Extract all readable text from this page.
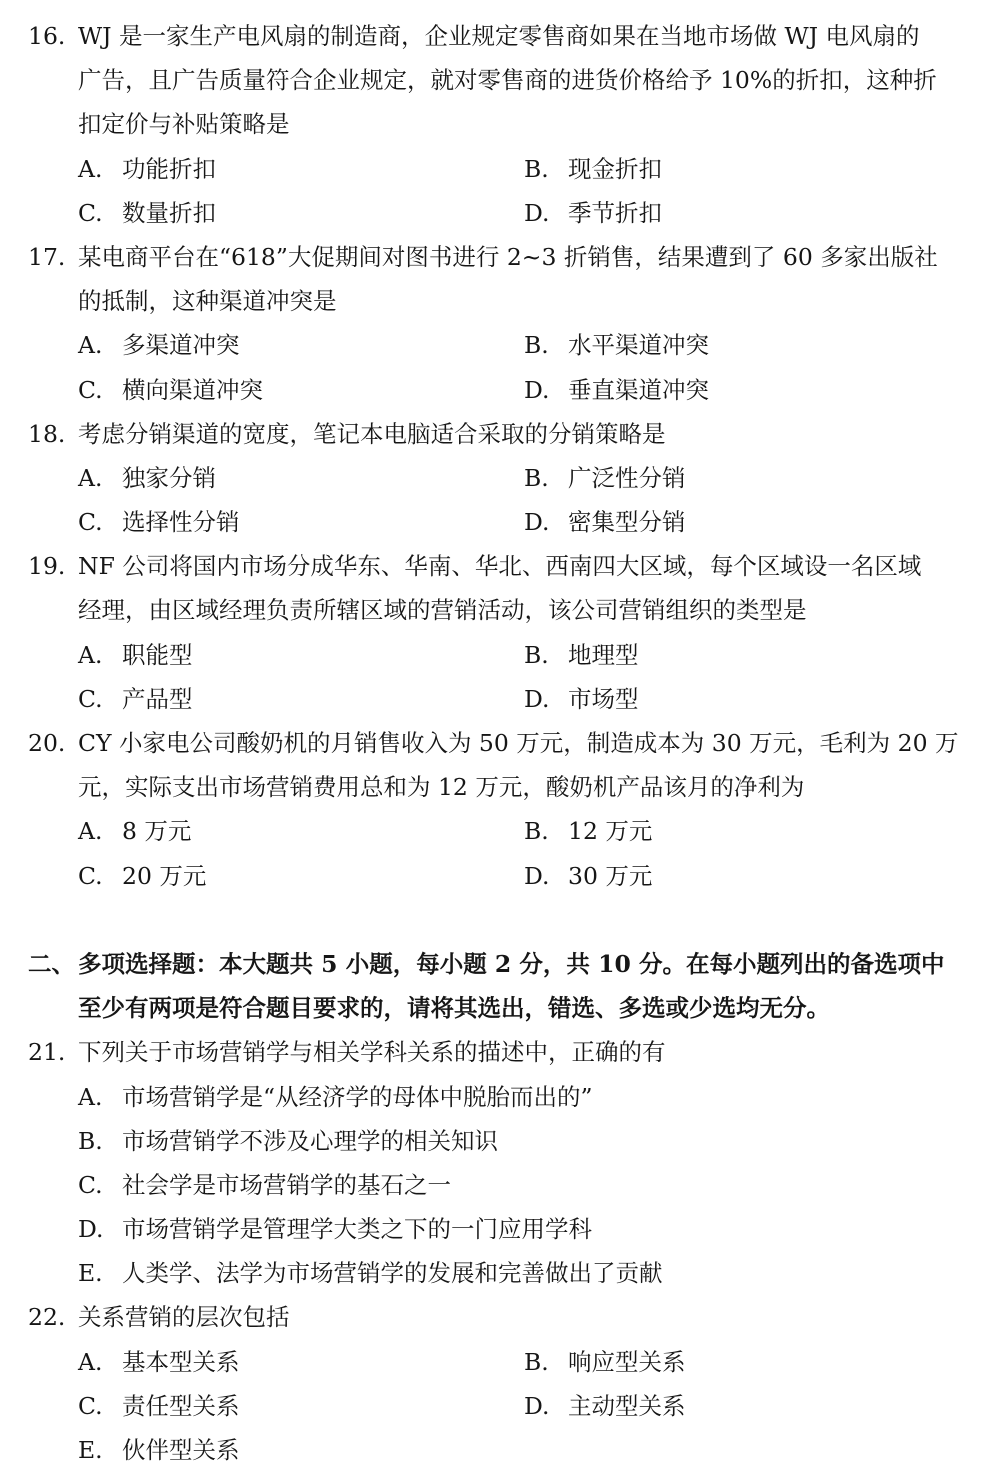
16. WJ 是一家生产电风扇的制造商，企业规定零售商如果在当地市场做 WJ 电风扇的
广告，且广告质量符合企业规定，就对零售商的进货价格给予 10%的折扣，这种折
扣定价与补贴策略是
A. 功能折扣	B. 现金折扣
C. 数量折扣	D. 季节折扣
17. 某电商平台在“618”大促期间对图书进行 2~3 折销售，结果遭到了 60 多家出版社
的抵制，这种渠道冲突是
A. 多渠道冲突	B. 水平渠道冲突
C. 横向渠道冲突	D. 垂直渠道冲突
18. 考虑分销渠道的宽度，笔记本电脑适合采取的分销策略是
A. 独家分销	B. 广泛性分销
C. 选择性分销	D. 密集型分销
19. NF 公司将国内市场分成华东、华南、华北、西南四大区域，每个区域设一名区域
经理，由区域经理负责所辖区域的营销活动，该公司营销组织的类型是
A. 职能型	B. 地理型
C. 产品型	D. 市场型
20. CY 小家电公司酸奶机的月销售收入为 50 万元，制造成本为 30 万元，毛利为 20 万
元，实际支出市场营销费用总和为 12 万元，酸奶机产品该月的净利为
A. 8 万元	B. 12 万元
C. 20 万元	D. 30 万元
二、 多项选择题：本大题共 5 小题，每小题 2 分，共 10 分。在每小题列出的备选项中
至少有两项是符合题目要求的，请将其选出，错选、多选或少选均无分。
21. 下列关于市场营销学与相关学科关系的描述中，正确的有
A. 市场营销学是“从经济学的母体中脱胎而出的”
B. 市场营销学不涉及心理学的相关知识
C. 社会学是市场营销学的基石之一
D. 市场营销学是管理学大类之下的一门应用学科
E. 人类学、法学为市场营销学的发展和完善做出了贡献
22. 关系营销的层次包括
A. 基本型关系	B. 响应型关系
C. 责任型关系	D. 主动型关系
E. 伙伴型关系
